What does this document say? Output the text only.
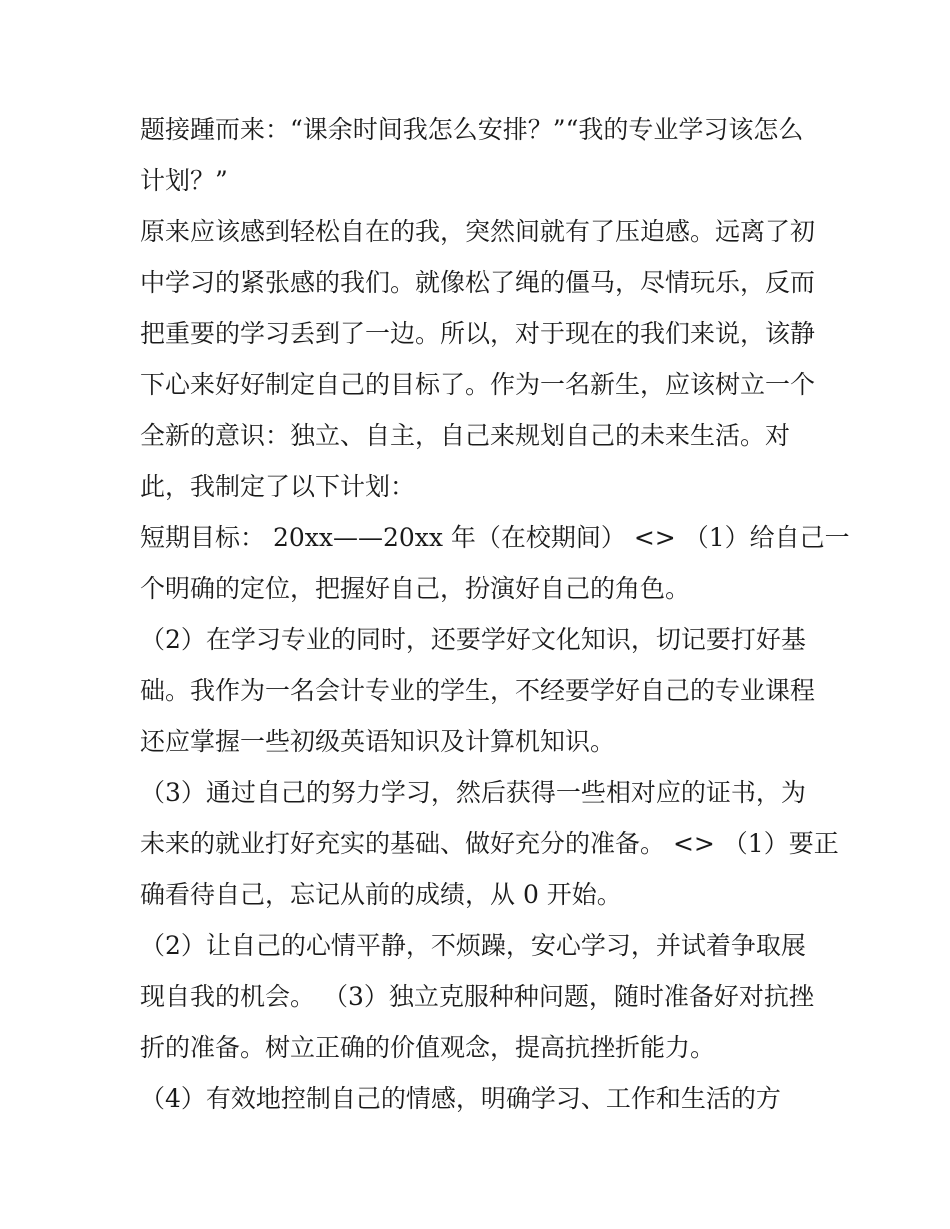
题接踵而来：“课余时间我怎么安排？”“我的专业学习该怎么
计划？”
原来应该感到轻松自在的我，突然间就有了压迫感。远离了初
中学习的紧张感的我们。就像松了绳的僵马，尽情玩乐，反而
把重要的学习丢到了一边。所以，对于现在的我们来说，该静
下心来好好制定自己的目标了。作为一名新生，应该树立一个
全新的意识：独立、自主，自己来规划自己的未来生活。对
此，我制定了以下计划：
短期目标： 20xx——20xx 年（在校期间） <> （1）给自己一
个明确的定位，把握好自己，扮演好自己的角色。
（2）在学习专业的同时，还要学好文化知识，切记要打好基
础。我作为一名会计专业的学生，不经要学好自己的专业课程
还应掌握一些初级英语知识及计算机知识。
（3）通过自己的努力学习，然后获得一些相对应的证书，为
未来的就业打好充实的基础、做好充分的准备。 <> （1）要正
确看待自己，忘记从前的成绩，从 0 开始。
（2）让自己的心情平静，不烦躁，安心学习，并试着争取展
现自我的机会。 （3）独立克服种种问题，随时准备好对抗挫
折的准备。树立正确的价值观念，提高抗挫折能力。
（4）有效地控制自己的情感，明确学习、工作和生活的方
